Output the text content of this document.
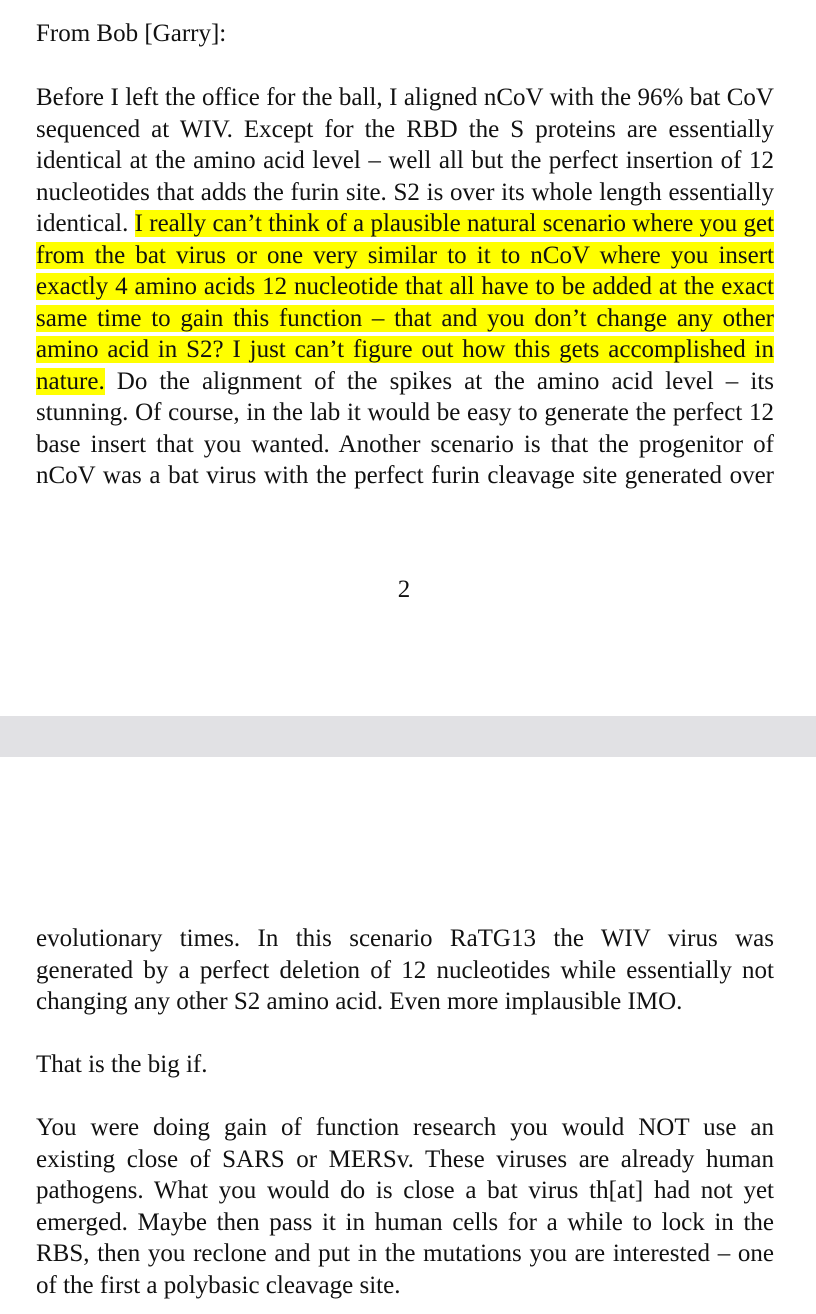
From Bob [Garry]:

Before I left the office for the ball, I aligned nCoV with the 96% bat CoV sequenced at WIV. Except for the RBD the S proteins are essentially identical at the amino acid level – well all but the perfect insertion of 12 nucleotides that adds the furin site. S2 is over its whole length essentially identical. I really can’t think of a plausible natural scenario where you get from the bat virus or one very similar to it to nCoV where you insert exactly 4 amino acids 12 nucleotide that all have to be added at the exact same time to gain this function – that and you don’t change any other amino acid in S2? I just can’t figure out how this gets accomplished in nature. Do the alignment of the spikes at the amino acid level – its stunning. Of course, in the lab it would be easy to generate the perfect 12 base insert that you wanted. Another scenario is that the progenitor of nCoV was a bat virus with the perfect furin cleavage site generated over

2

evolutionary times. In this scenario RaTG13 the WIV virus was generated by a perfect deletion of 12 nucleotides while essentially not changing any other S2 amino acid. Even more implausible IMO.

That is the big if.

You were doing gain of function research you would NOT use an existing close of SARS or MERSv. These viruses are already human pathogens. What you would do is close a bat virus th[at] had not yet emerged. Maybe then pass it in human cells for a while to lock in the RBS, then you reclone and put in the mutations you are interested – one of the first a polybasic cleavage site.
